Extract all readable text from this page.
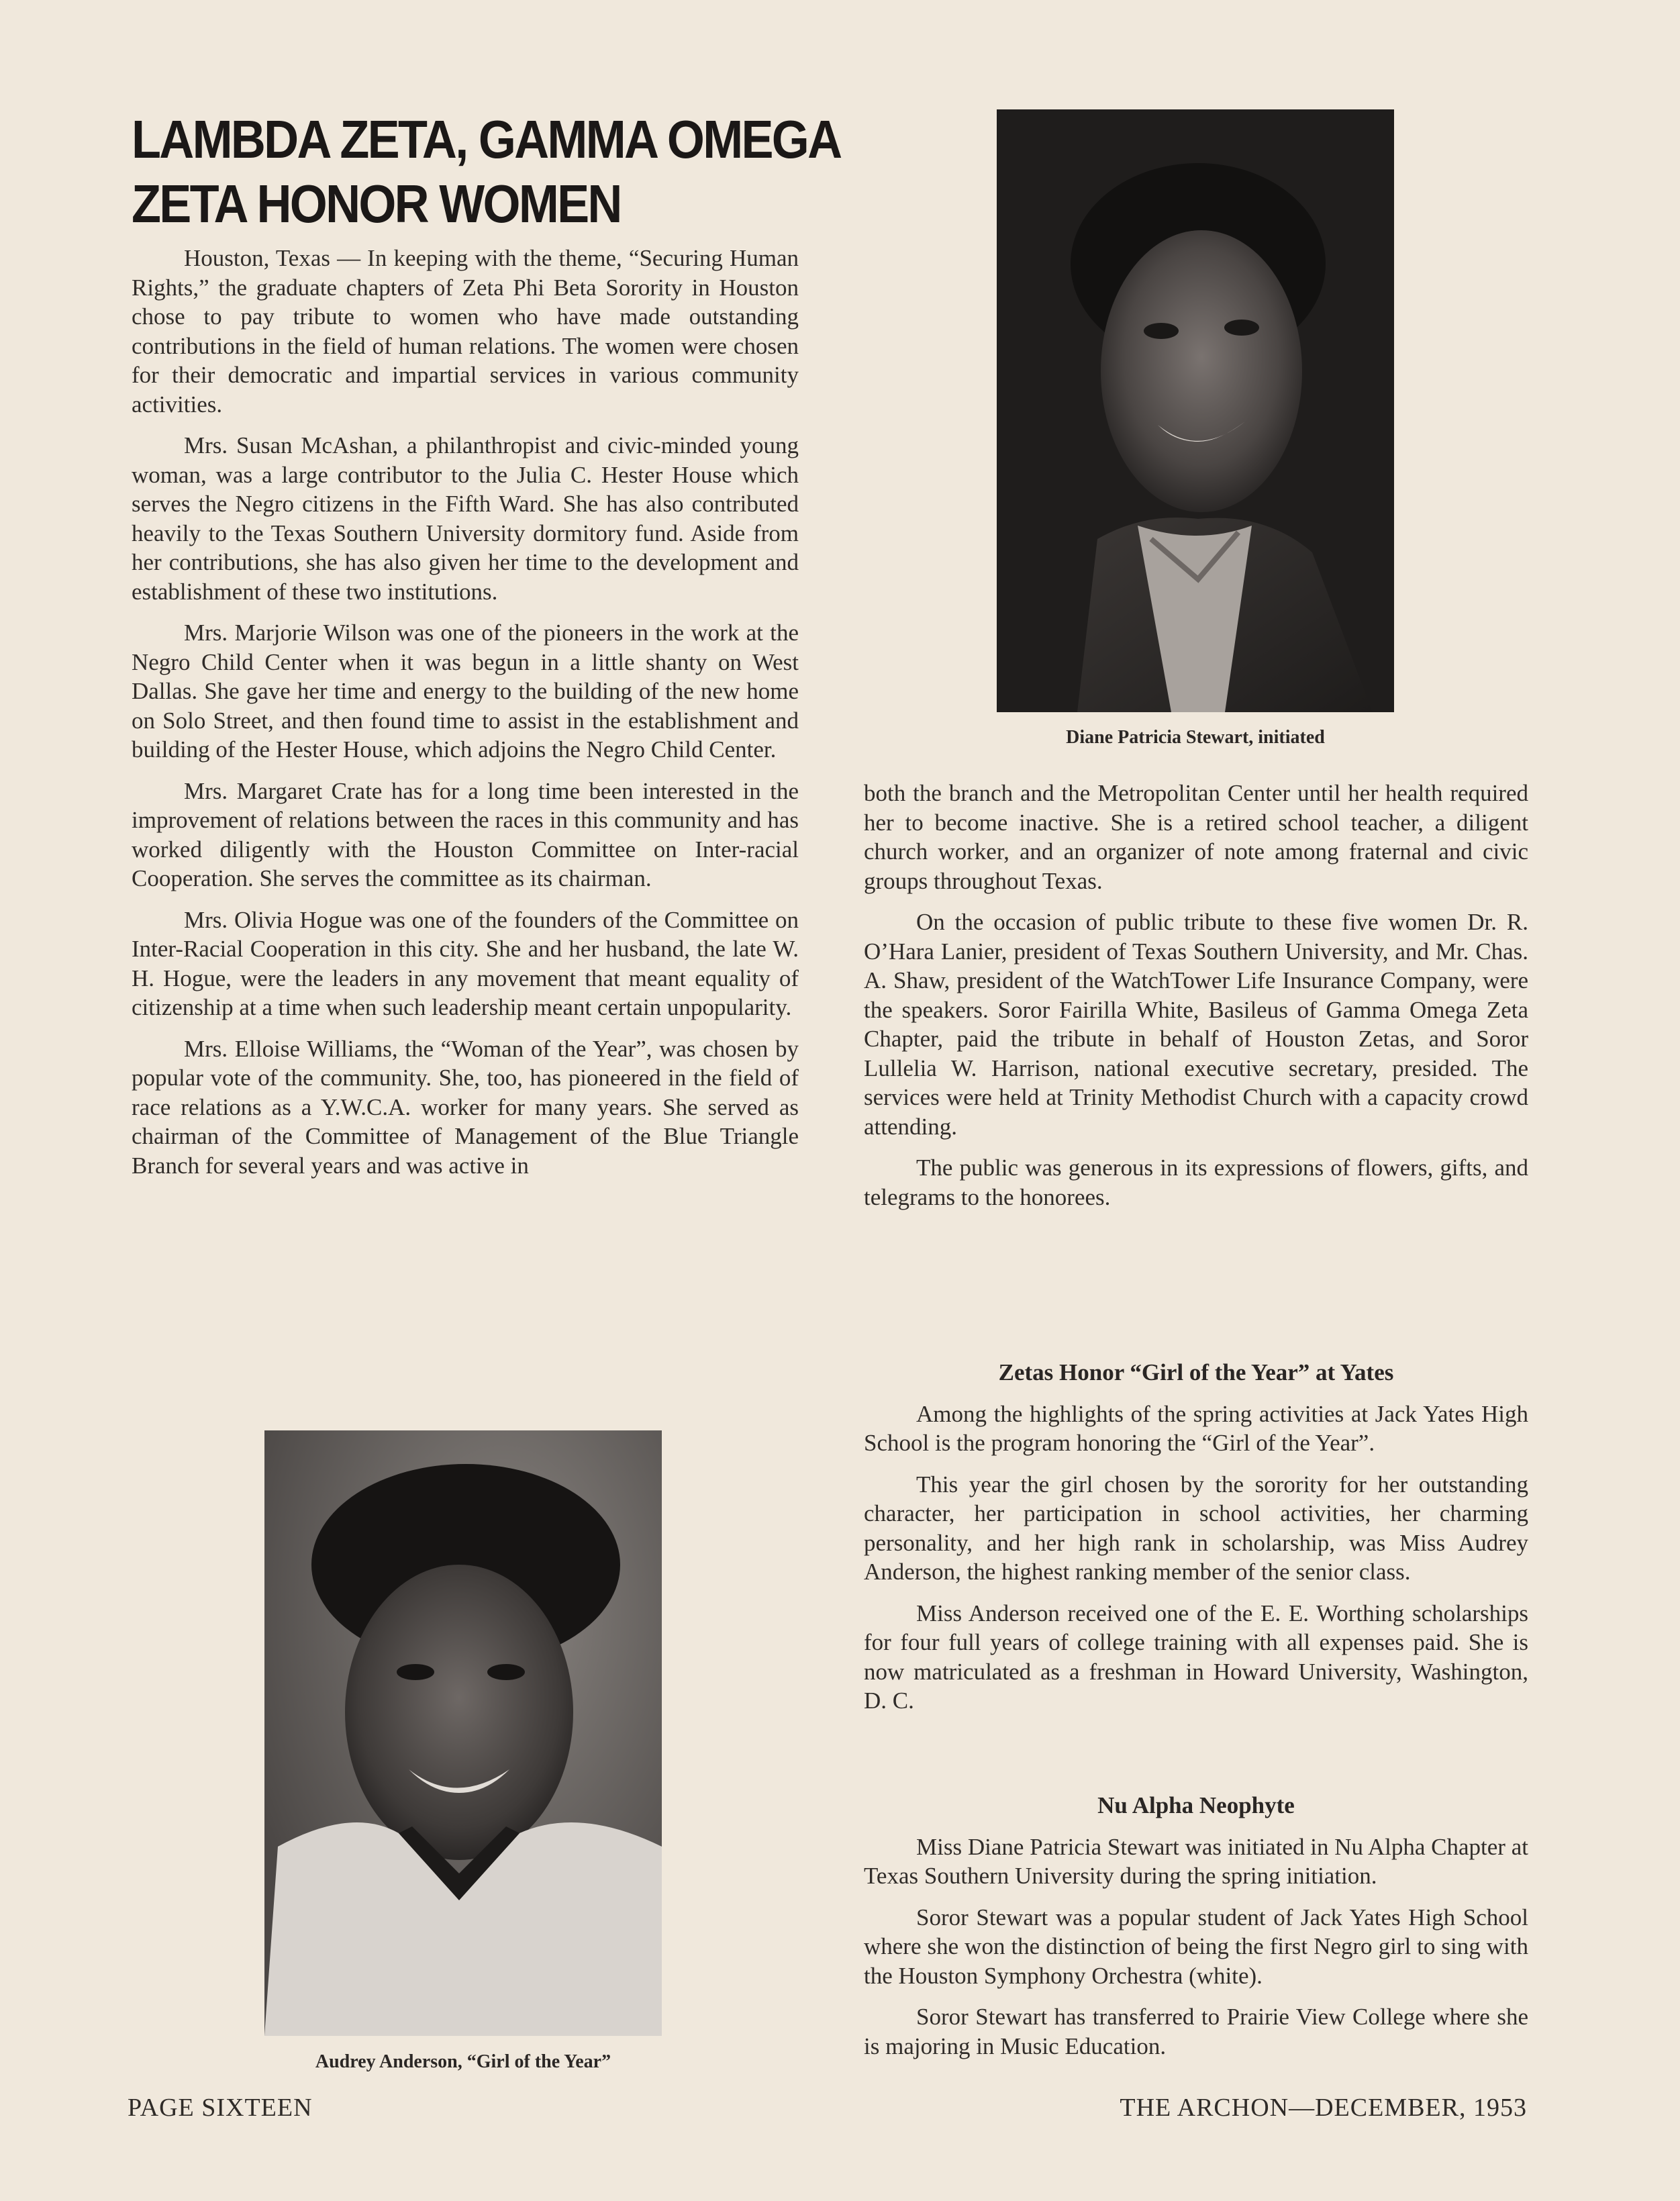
LAMBDA ZETA, GAMMA OMEGA
ZETA HONOR WOMEN

Houston, Texas — In keeping with the theme, “Securing Human Rights,” the graduate chapters of Zeta Phi Beta Sorority in Houston chose to pay tribute to women who have made outstanding contributions in the field of human relations. The women were chosen for their democratic and impartial services in various community activities.

Mrs. Susan McAshan, a philanthropist and civic-minded young woman, was a large contributor to the Julia C. Hester House which serves the Negro citizens in the Fifth Ward. She has also contributed heavily to the Texas Southern University dormitory fund. Aside from her contributions, she has also given her time to the development and establishment of these two institutions.

Mrs. Marjorie Wilson was one of the pioneers in the work at the Negro Child Center when it was begun in a little shanty on West Dallas. She gave her time and energy to the building of the new home on Solo Street, and then found time to assist in the establishment and building of the Hester House, which adjoins the Negro Child Center.

Mrs. Margaret Crate has for a long time been interested in the improvement of relations between the races in this community and has worked diligently with the Houston Committee on Inter-racial Cooperation. She serves the committee as its chairman.

Mrs. Olivia Hogue was one of the founders of the Committee on Inter-Racial Cooperation in this city. She and her husband, the late W. H. Hogue, were the leaders in any movement that meant equality of citizenship at a time when such leadership meant certain unpopularity.

Mrs. Elloise Williams, the “Woman of the Year”, was chosen by popular vote of the community. She, too, has pioneered in the field of race relations as a Y.W.C.A. worker for many years. She served as chairman of the Committee of Management of the Blue Triangle Branch for several years and was active in

Diane Patricia Stewart, initiated

both the branch and the Metropolitan Center until her health required her to become inactive. She is a retired school teacher, a diligent church worker, and an organizer of note among fraternal and civic groups throughout Texas.

On the occasion of public tribute to these five women Dr. R. O’Hara Lanier, president of Texas Southern University, and Mr. Chas. A. Shaw, president of the WatchTower Life Insurance Company, were the speakers. Soror Fairilla White, Basileus of Gamma Omega Zeta Chapter, paid the tribute in behalf of Houston Zetas, and Soror Lullelia W. Harrison, national executive secretary, presided. The services were held at Trinity Methodist Church with a capacity crowd attending.

The public was generous in its expressions of flowers, gifts, and telegrams to the honorees.

Zetas Honor “Girl of the Year” at Yates

Among the highlights of the spring activities at Jack Yates High School is the program honoring the “Girl of the Year”.

This year the girl chosen by the sorority for her outstanding character, her participation in school activities, her charming personality, and her high rank in scholarship, was Miss Audrey Anderson, the highest ranking member of the senior class.

Miss Anderson received one of the E. E. Worthing scholarships for four full years of college training with all expenses paid. She is now matriculated as a freshman in Howard University, Washington, D. C.

Nu Alpha Neophyte

Miss Diane Patricia Stewart was initiated in Nu Alpha Chapter at Texas Southern University during the spring initiation.

Soror Stewart was a popular student of Jack Yates High School where she won the distinction of being the first Negro girl to sing with the Houston Symphony Orchestra (white).

Soror Stewart has transferred to Prairie View College where she is majoring in Music Education.

Audrey Anderson, “Girl of the Year”
PAGE SIXTEEN	THE ARCHON—DECEMBER, 1953
